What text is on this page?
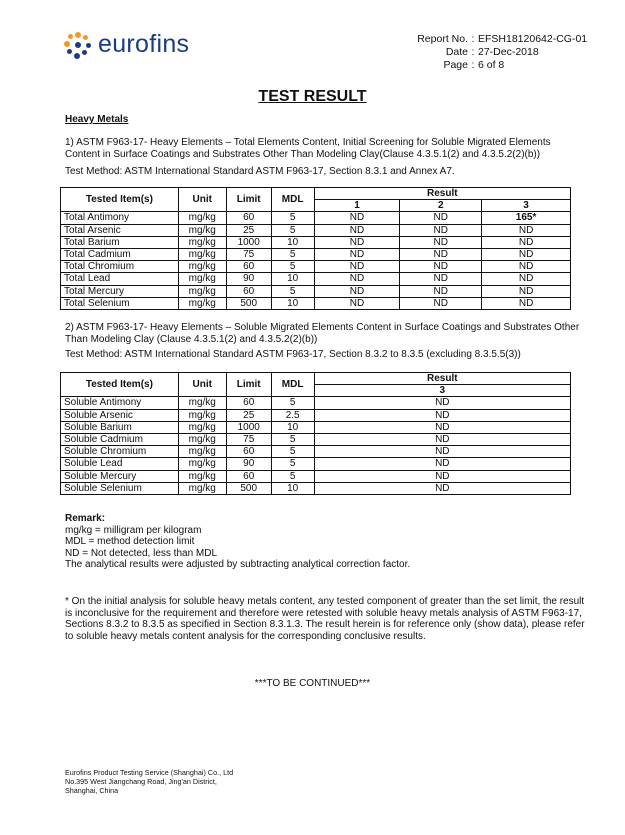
eurofins	Report No. : EFSH18120642-CG-01
Date : 27-Dec-2018
Page : 6 of 8
TEST RESULT
Heavy Metals
1) ASTM F963-17- Heavy Elements – Total Elements Content, Initial Screening for Soluble Migrated Elements Content in Surface Coatings and Substrates Other Than Modeling Clay(Clause 4.3.5.1(2) and 4.3.5.2(2)(b))
Test Method: ASTM International Standard ASTM F963-17, Section 8.3.1 and Annex A7.
Tested Item(s)	Unit	Limit	MDL	Result		
				1	2	3
Total Antimony	mg/kg	60	5	ND	ND	165*
Total Arsenic	mg/kg	25	5	ND	ND	ND
Total Barium	mg/kg	1000	10	ND	ND	ND
Total Cadmium	mg/kg	75	5	ND	ND	ND
Total Chromium	mg/kg	60	5	ND	ND	ND
Total Lead	mg/kg	90	10	ND	ND	ND
Total Mercury	mg/kg	60	5	ND	ND	ND
Total Selenium	mg/kg	500	10	ND	ND	ND
2) ASTM F963-17- Heavy Elements – Soluble Migrated Elements Content in Surface Coatings and Substrates Other Than Modeling Clay (Clause 4.3.5.1(2) and 4.3.5.2(2)(b))
Test Method: ASTM International Standard ASTM F963-17, Section 8.3.2 to 8.3.5 (excluding 8.3.5.5(3))
Tested Item(s)	Unit	Limit	MDL	Result
				3
Soluble Antimony	mg/kg	60	5	ND
Soluble Arsenic	mg/kg	25	2.5	ND
Soluble Barium	mg/kg	1000	10	ND
Soluble Cadmium	mg/kg	75	5	ND
Soluble Chromium	mg/kg	60	5	ND
Soluble Lead	mg/kg	90	5	ND
Soluble Mercury	mg/kg	60	5	ND
Soluble Selenium	mg/kg	500	10	ND
Remark:
mg/kg = milligram per kilogram
MDL = method detection limit
ND = Not detected, less than MDL
The analytical results were adjusted by subtracting analytical correction factor.
* On the initial analysis for soluble heavy metals content, any tested component of greater than the set limit, the result is inconclusive for the requirement and therefore were retested with soluble heavy metals analysis of ASTM F963-17, Sections 8.3.2 to 8.3.5 as specified in Section 8.3.1.3. The result herein is for reference only (show data), please refer to soluble heavy metals content analysis for the corresponding conclusive results.
***TO BE CONTINUED***
Eurofins Product Testing Service (Shanghai) Co., Ltd
No.395 West Jiangchang Road, Jing'an District,
Shanghai, China
